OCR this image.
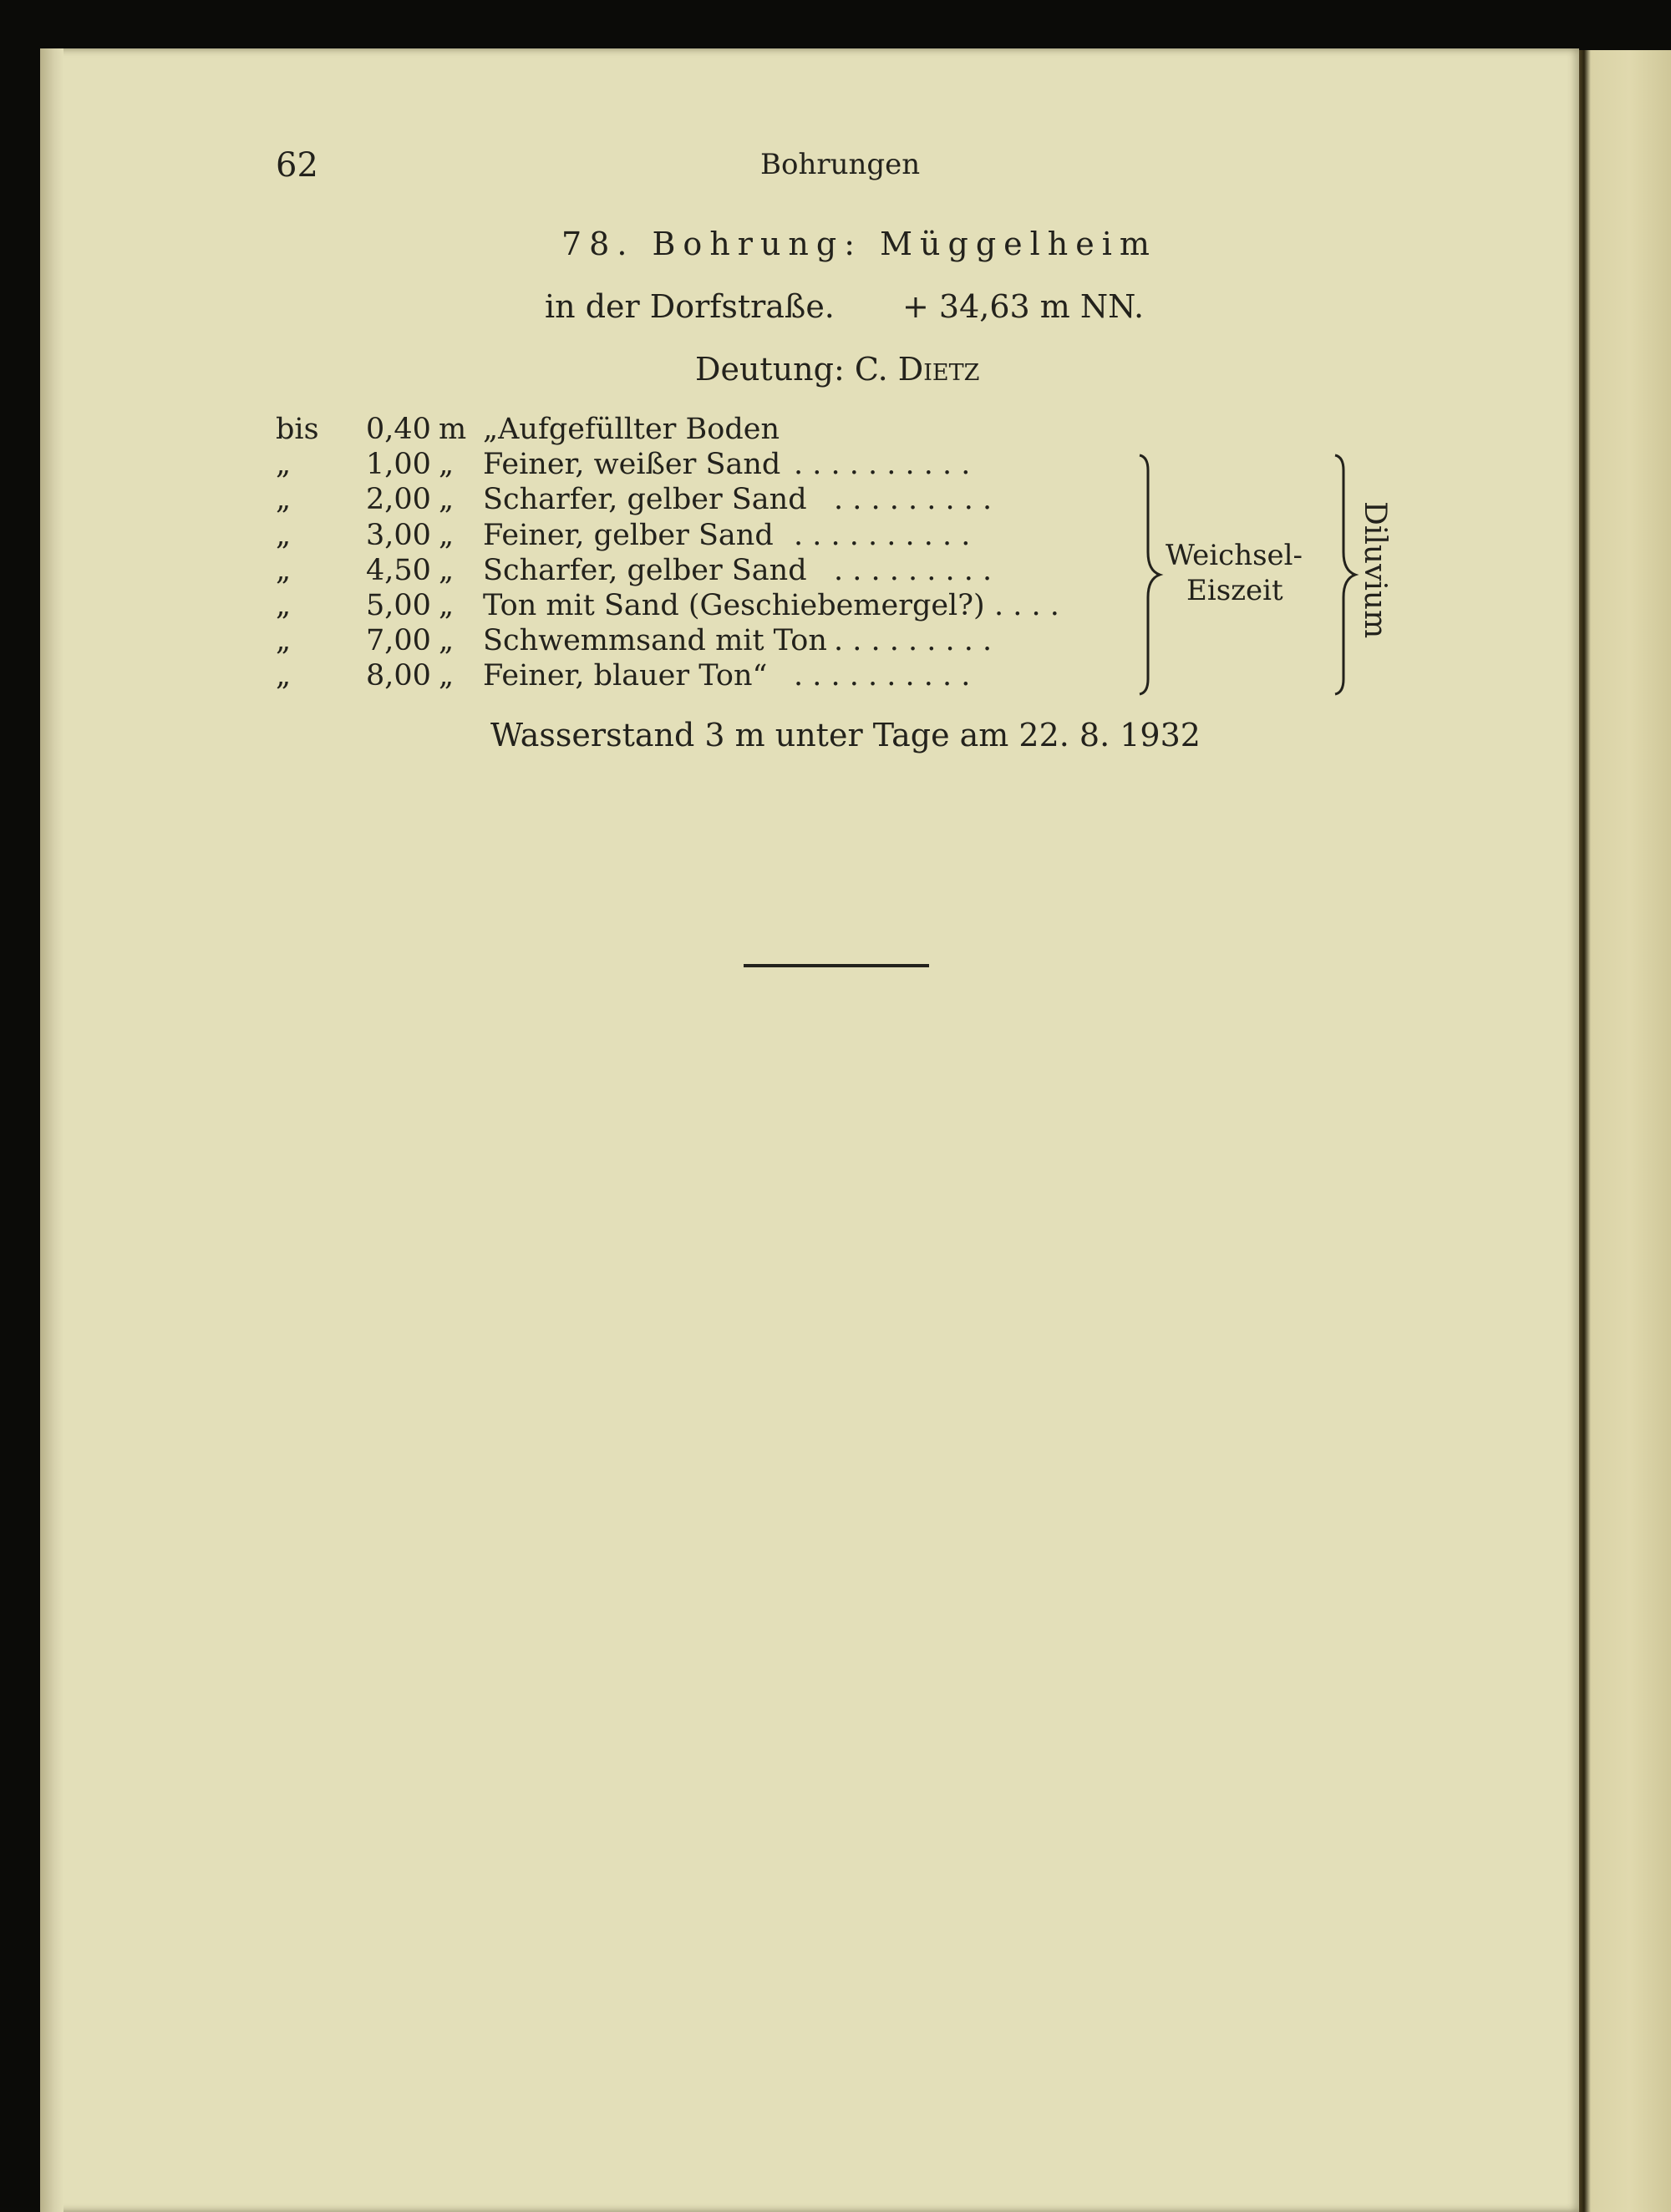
62	Bohrungen
78. Bohrung: Müggelheim
in der Dorfstraße. + 34,63 m NN.
Deutung: C. Dietz
bis 0,40 m „Aufgefüllter Boden
„	1,00 „ Feiner, weißer Sand . . . . . . . . . .
„	2,00 „ Scharfer, gelber Sand . . . . . . . . .
„	3,00 „ Feiner, gelber Sand . . . . . . . . . .
„	4,50 „ Scharfer, gelber Sand . . . . . . . . .
„	5,00 „ Ton mit Sand (Geschiebemergel?) . . . .
„	7,00 „ Schwemmsand mit Ton . . . . . . . . .
„	8,00 „ Feiner, blauer Ton“ . . . . . . . . . .
Weichsel-
Eiszeit Diluvium
Wasserstand 3 m unter Tage am 22. 8. 1932
